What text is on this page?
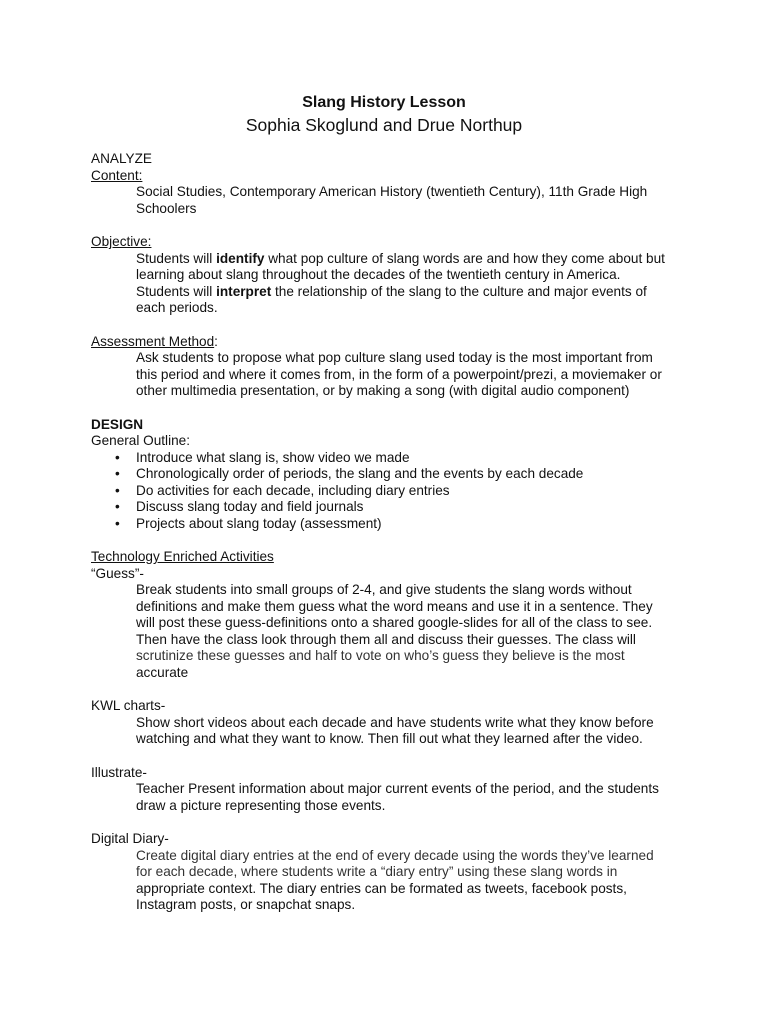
Slang History Lesson
Sophia Skoglund and Drue Northup
ANALYZE
Content:
Social Studies, Contemporary American History (twentieth Century), 11th Grade High
Schoolers
Objective:
Students will identify what pop culture of slang words are and how they come about but
learning about slang throughout the decades of the twentieth century in America.
Students will interpret the relationship of the slang to the culture and major events of
each periods.
Assessment Method:
Ask students to propose what pop culture slang used today is the most important from
this period and where it comes from, in the form of a powerpoint/prezi, a moviemaker or
other multimedia presentation, or by making a song (with digital audio component)
DESIGN
General Outline:
• Introduce what slang is, show video we made
• Chronologically order of periods, the slang and the events by each decade
• Do activities for each decade, including diary entries
• Discuss slang today and field journals
• Projects about slang today (assessment)
Technology Enriched Activities
“Guess”-
Break students into small groups of 2-4, and give students the slang words without
definitions and make them guess what the word means and use it in a sentence. They
will post these guess-definitions onto a shared google-slides for all of the class to see.
Then have the class look through them all and discuss their guesses. The class will
scrutinize these guesses and half to vote on who’s guess they believe is the most
accurate
KWL charts-
Show short videos about each decade and have students write what they know before
watching and what they want to know. Then fill out what they learned after the video.
Illustrate-
Teacher Present information about major current events of the period, and the students
draw a picture representing those events.
Digital Diary-
Create digital diary entries at the end of every decade using the words they’ve learned
for each decade, where students write a “diary entry” using these slang words in
appropriate context. The diary entries can be formated as tweets, facebook posts,
Instagram posts, or snapchat snaps.
